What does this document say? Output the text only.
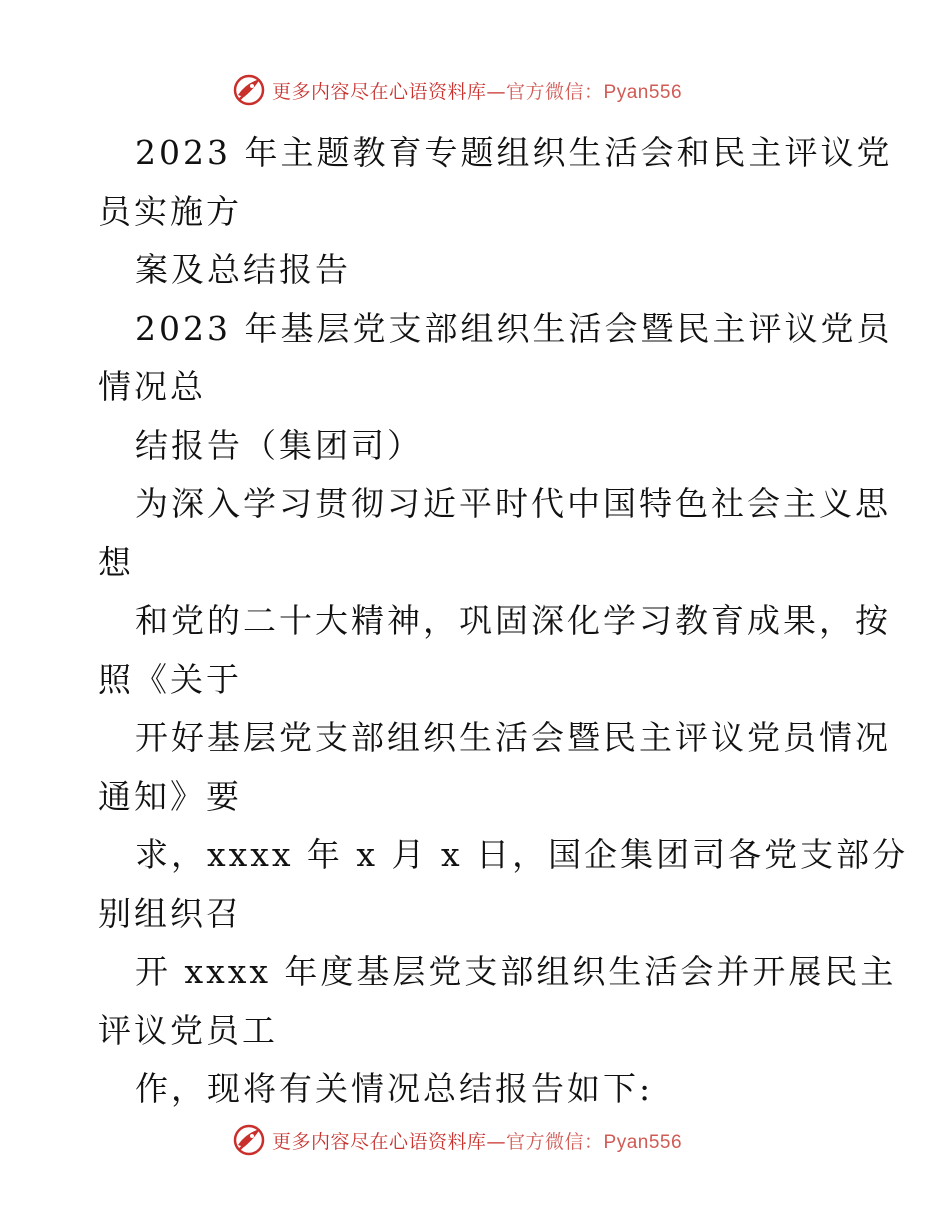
更多内容尽在心语资料库—官方微信：Pyan556
2023 年主题教育专题组织生活会和民主评议党
员实施方
案及总结报告
2023 年基层党支部组织生活会暨民主评议党员
情况总
结报告（集团司）
为深入学习贯彻习近平时代中国特色社会主义思
想
和党的二十大精神，巩固深化学习教育成果，按
照《关于
开好基层党支部组织生活会暨民主评议党员情况
通知》要
求，xxxx 年 x 月 x 日，国企集团司各党支部分
别组织召
开 xxxx 年度基层党支部组织生活会并开展民主
评议党员工
作，现将有关情况总结报告如下:
更多内容尽在心语资料库—官方微信：Pyan556
